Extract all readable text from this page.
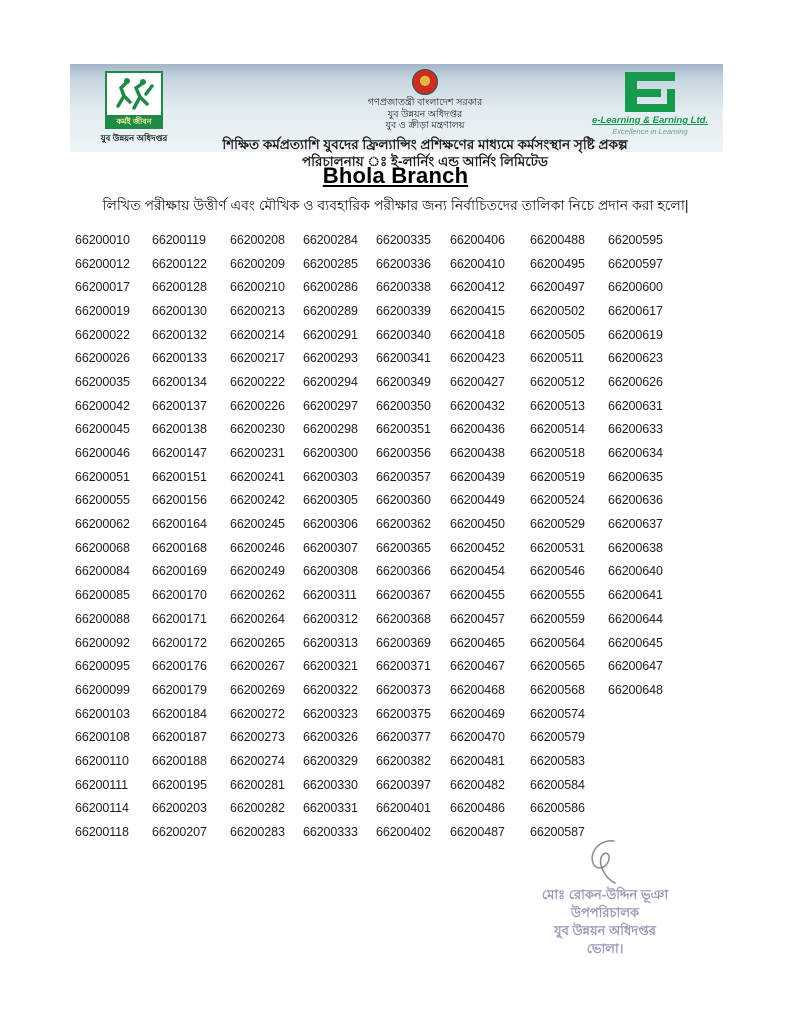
কর্মই জীবন
যুব উন্নয়ন অধিদপ্তর
গণপ্রজাতন্ত্রী বাংলাদেশ সরকার
যুব উন্নয়ন অধিদপ্তর
যুব ও ক্রীড়া মন্ত্রণালয়
শিক্ষিত কর্মপ্রত্যাশি যুবদের ফ্রিল্যান্সিং প্রশিক্ষণের মাধ্যমে কর্মসংস্থান সৃষ্টি প্রকল্প
পরিচালনায় ঃ ই-লার্নিং এন্ড আর্নিং লিমিটেড
e-Learning & Earning Ltd.
Excellence in Learning
Bhola Branch
লিখিত পরীক্ষায় উত্তীর্ণ এবং মৌখিক ও ব্যবহারিক পরীক্ষার জন্য নির্বাচিতদের তালিকা নিচে প্রদান করা হলো|
66200010 66200119 66200208 66200284 66200335 66200406 66200488 66200595
66200012 66200122 66200209 66200285 66200336 66200410 66200495 66200597
66200017 66200128 66200210 66200286 66200338 66200412 66200497 66200600
66200019 66200130 66200213 66200289 66200339 66200415 66200502 66200617
66200022 66200132 66200214 66200291 66200340 66200418 66200505 66200619
66200026 66200133 66200217 66200293 66200341 66200423 66200511 66200623
66200035 66200134 66200222 66200294 66200349 66200427 66200512 66200626
66200042 66200137 66200226 66200297 66200350 66200432 66200513 66200631
66200045 66200138 66200230 66200298 66200351 66200436 66200514 66200633
66200046 66200147 66200231 66200300 66200356 66200438 66200518 66200634
66200051 66200151 66200241 66200303 66200357 66200439 66200519 66200635
66200055 66200156 66200242 66200305 66200360 66200449 66200524 66200636
66200062 66200164 66200245 66200306 66200362 66200450 66200529 66200637
66200068 66200168 66200246 66200307 66200365 66200452 66200531 66200638
66200084 66200169 66200249 66200308 66200366 66200454 66200546 66200640
66200085 66200170 66200262 66200311 66200367 66200455 66200555 66200641
66200088 66200171 66200264 66200312 66200368 66200457 66200559 66200644
66200092 66200172 66200265 66200313 66200369 66200465 66200564 66200645
66200095 66200176 66200267 66200321 66200371 66200467 66200565 66200647
66200099 66200179 66200269 66200322 66200373 66200468 66200568 66200648
66200103 66200184 66200272 66200323 66200375 66200469 66200574
66200108 66200187 66200273 66200326 66200377 66200470 66200579
66200110 66200188 66200274 66200329 66200382 66200481 66200583
66200111 66200195 66200281 66200330 66200397 66200482 66200584
66200114 66200203 66200282 66200331 66200401 66200486 66200586
66200118 66200207 66200283 66200333 66200402 66200487 66200587
মোঃ রোকন-উদ্দিন ভূঞা
উপপরিচালক
যুব উন্নয়ন অধিদপ্তর
ভোলা।
